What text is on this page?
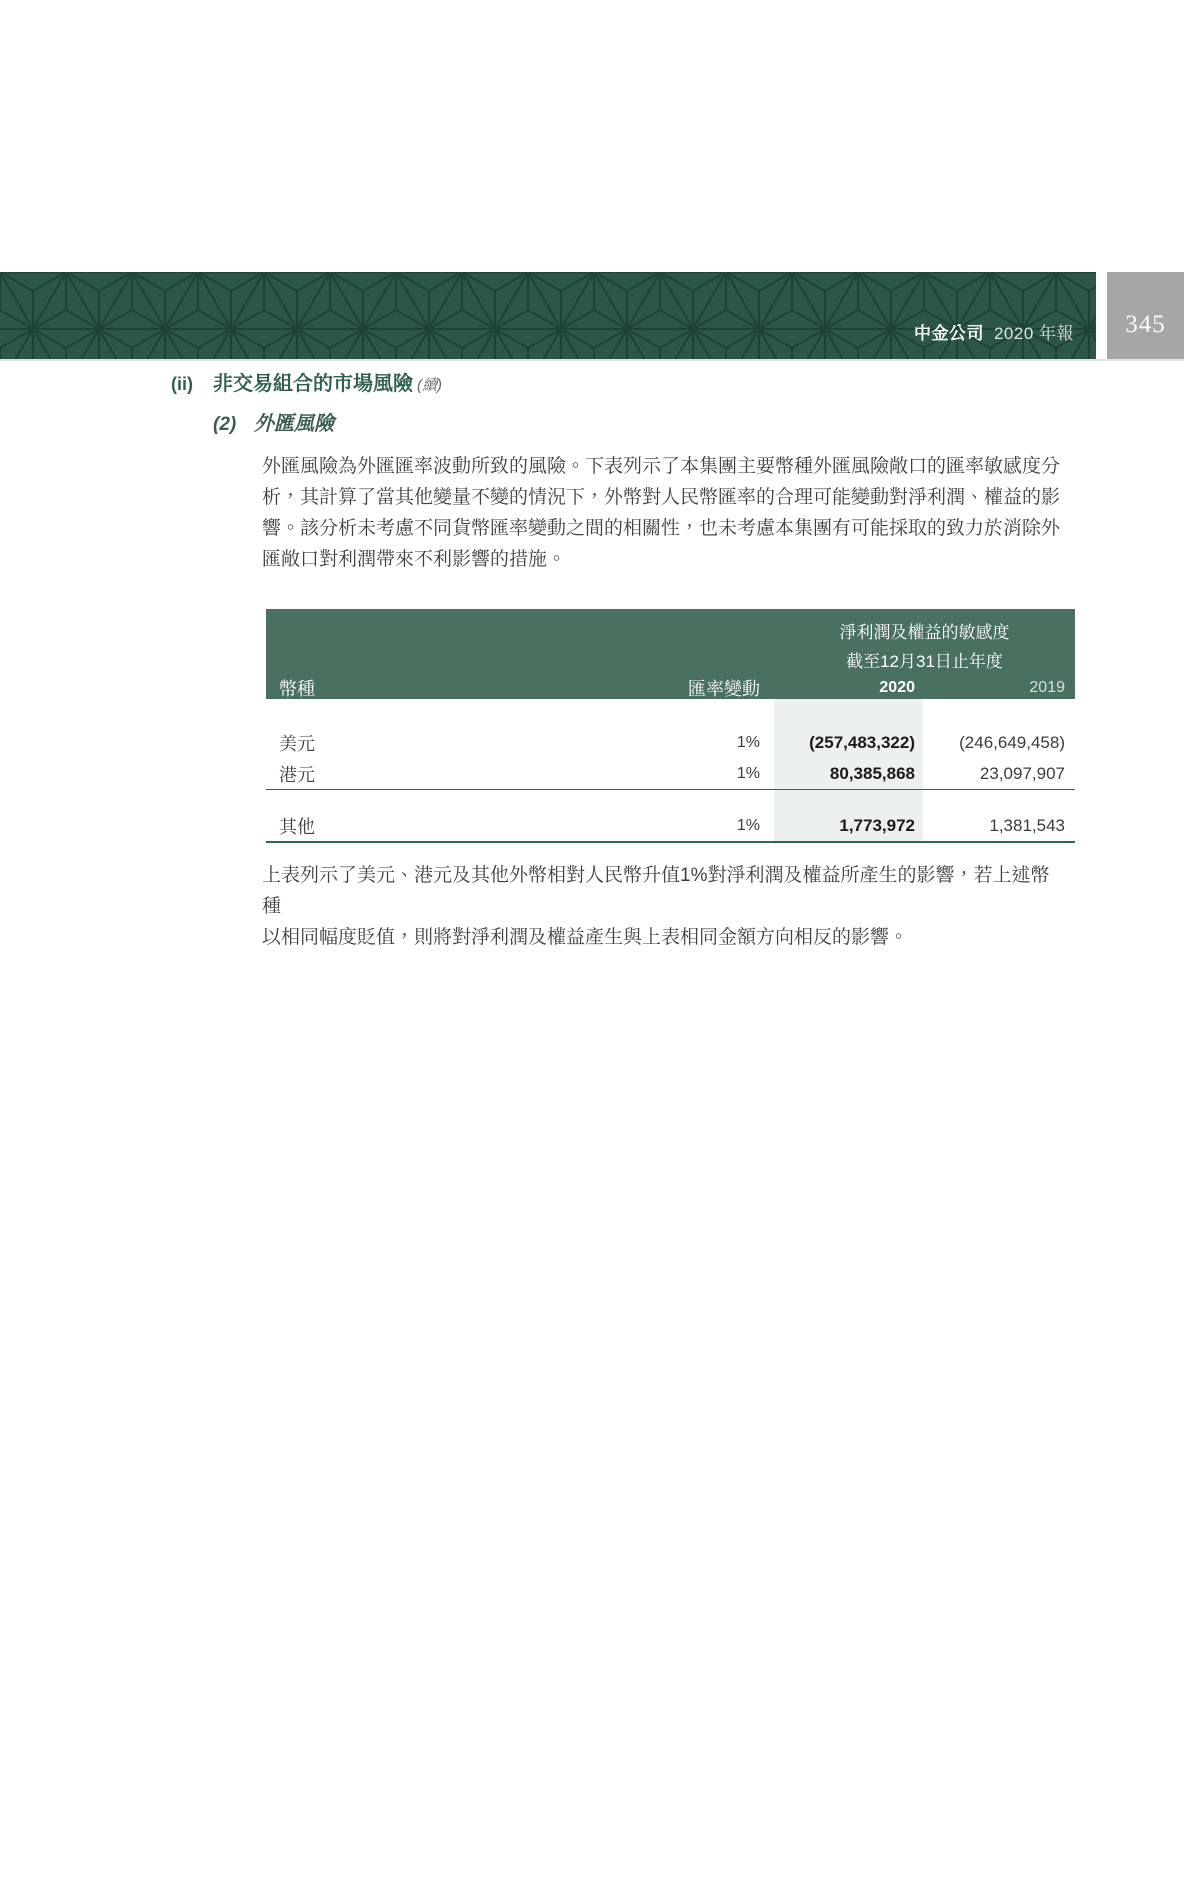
中金公司 2020 年報 345
(ii)	非交易組合的市場風險 (續)
(2) 外匯風險
外匯風險為外匯匯率波動所致的風險。下表列示了本集團主要幣種外匯風險敞口的匯率敏感度分
析，其計算了當其他變量不變的情況下，外幣對人民幣匯率的合理可能變動對淨利潤、權益的影
響。該分析未考慮不同貨幣匯率變動之間的相關性，也未考慮本集團有可能採取的致力於消除外
匯敞口對利潤帶來不利影響的措施。
淨利潤及權益的敏感度
截至12月31日止年度
幣種	匯率變動	2020	2019
美元	1%	(257,483,322)	(246,649,458)
港元	1%	80,385,868	23,097,907
其他	1%	1,773,972	1,381,543
上表列示了美元、港元及其他外幣相對人民幣升值1%對淨利潤及權益所產生的影響，若上述幣種
以相同幅度貶值，則將對淨利潤及權益產生與上表相同金額方向相反的影響。
